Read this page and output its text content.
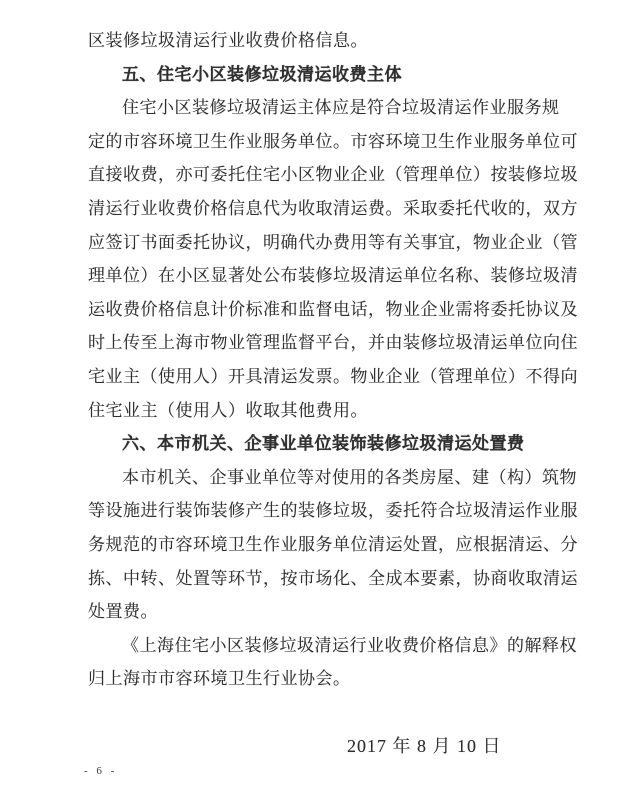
区装修垃圾清运行业收费价格信息。
五、住宅小区装修垃圾清运收费主体
住宅小区装修垃圾清运主体应是符合垃圾清运作业服务规
定的市容环境卫生作业服务单位。市容环境卫生作业服务单位可
直接收费，亦可委托住宅小区物业企业（管理单位）按装修垃圾
清运行业收费价格信息代为收取清运费。采取委托代收的，双方
应签订书面委托协议，明确代办费用等有关事宜，物业企业（管
理单位）在小区显著处公布装修垃圾清运单位名称、装修垃圾清
运收费价格信息计价标准和监督电话，物业企业需将委托协议及
时上传至上海市物业管理监督平台，并由装修垃圾清运单位向住
宅业主（使用人）开具清运发票。物业企业（管理单位）不得向
住宅业主（使用人）收取其他费用。
六、本市机关、企事业单位装饰装修垃圾清运处置费
本市机关、企事业单位等对使用的各类房屋、建（构）筑物
等设施进行装饰装修产生的装修垃圾，委托符合垃圾清运作业服
务规范的市容环境卫生作业服务单位清运处置，应根据清运、分
拣、中转、处置等环节，按市场化、全成本要素，协商收取清运
处置费。
《上海住宅小区装修垃圾清运行业收费价格信息》的解释权
归上海市市容环境卫生行业协会。
2017 年 8 月 10 日
- 6 -
